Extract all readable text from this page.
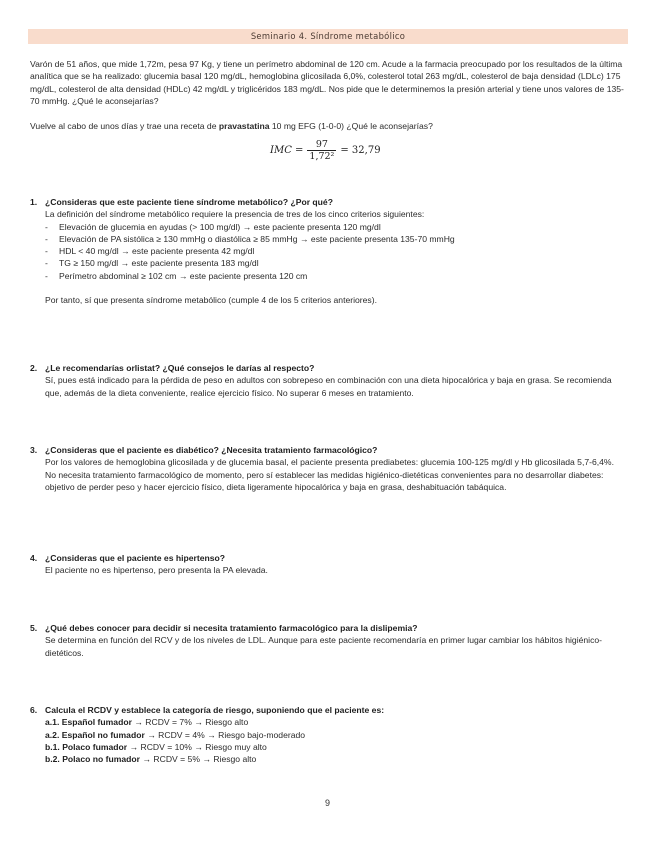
Seminario 4. Síndrome metabólico

Varón de 51 años, que mide 1,72m, pesa 97 Kg, y tiene un perímetro abdominal de 120 cm. Acude a la farmacia preocupado por los resultados de la última analítica que se ha realizado: glucemia basal 120 mg/dL, hemoglobina glicosilada 6,0%, colesterol total 263 mg/dL, colesterol de baja densidad (LDLc) 175 mg/dL, colesterol de alta densidad (HDLc) 42 mg/dL y triglicéridos 183 mg/dL. Nos pide que le determinemos la presión arterial y tiene unos valores de 135-70 mmHg. ¿Qué le aconsejarías?

Vuelve al cabo de unos días y trae una receta de pravastatina 10 mg EFG (1-0-0) ¿Qué le aconsejarías?

IMC = $\frac{97}{\text{1,72²}} = 32,79$
1. ¿Consideras que este paciente tiene síndrome metabólico? ¿Por qué?

La definición del síndrome metabólico requiere la presencia de tres de los cinco criterios siguientes:

-	Elevación de glucemia en ayudas (> 100 mg/dl) → este paciente presenta 120 mg/dl
-	Elevación de PA sistólica ≥ 130 mmHg o diastólica ≥ 85 mmHg → este paciente presenta 135-70 mmHg
-	HDL < 40 mg/dl → este paciente presenta 42 mg/dl
-	TG ≥ 150 mg/dl → este paciente presenta 183 mg/dl
-	Perímetro abdominal ≥ 102 cm → este paciente presenta 120 cm

Por tanto, sí que presenta síndrome metabólico (cumple 4 de los 5 criterios anteriores).

2. ¿Le recomendarías orlistat? ¿Qué consejos le darías al respecto?

Sí, pues está indicado para la pérdida de peso en adultos con sobrepeso en combinación con una dieta hipocalórica y baja en grasa. Se recomienda que, además de la dieta conveniente, realice ejercicio físico. No superar 6 meses en tratamiento.

3. ¿Consideras que el paciente es diabético? ¿Necesita tratamiento farmacológico?

Por los valores de hemoglobina glicosilada y de glucemia basal, el paciente presenta prediabetes: glucemia 100-125 mg/dl y Hb glicosilada 5,7-6,4%. No necesita tratamiento farmacológico de momento, pero sí establecer las medidas higiénico-dietéticas convenientes para no desarrollar diabetes: objetivo de perder peso y hacer ejercicio físico, dieta ligeramente hipocalórica y baja en grasa, deshabituación tabáquica.

4. ¿Consideras que el paciente es hipertenso?

El paciente no es hipertenso, pero presenta la PA elevada.

5. ¿Qué debes conocer para decidir si necesita tratamiento farmacológico para la dislipemia?

Se determina en función del RCV y de los niveles de LDL. Aunque para este paciente recomendaría en primer lugar cambiar los hábitos higiénico-dietéticos.

6. Calcula el RCDV y establece la categoría de riesgo, suponiendo que el paciente es:
a.1. Español fumador → RCDV = 7% → Riesgo alto
a.2. Español no fumador → RCDV = 4% → Riesgo bajo-moderado
b.1. Polaco fumador → RCDV = 10% → Riesgo muy alto
b.2. Polaco no fumador → RCDV = 5% → Riesgo alto
9
